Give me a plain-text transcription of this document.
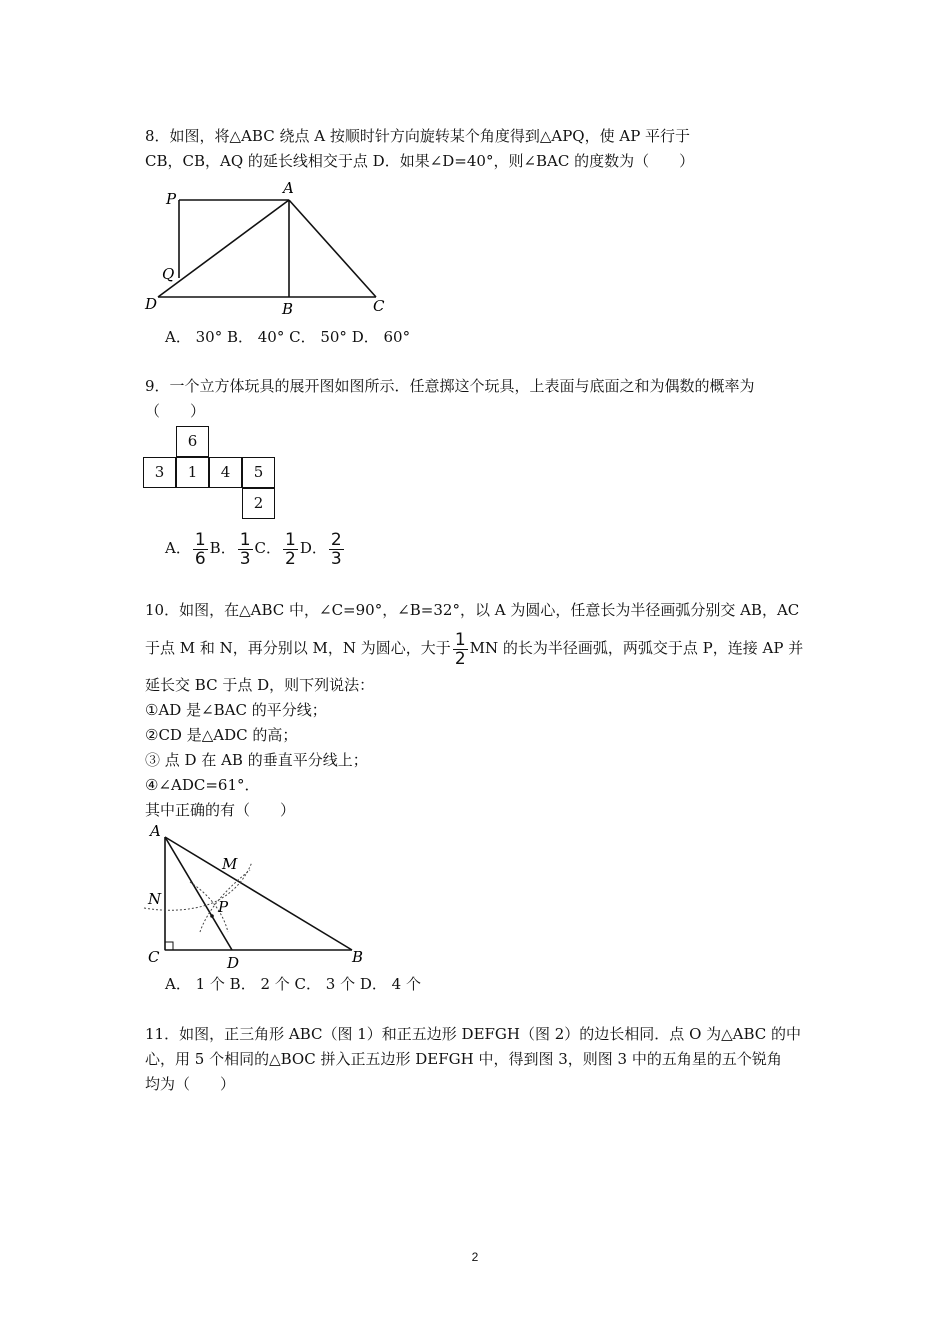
8．如图，将△ABC 绕点 A 按顺时针方向旋转某个角度得到△APQ，使 AP 平行于
CB，CB，AQ 的延长线相交于点 D．如果∠D=40°，则∠BAC 的度数为（　　）
P
A
Q
D	B	C
A． 30° B． 40° C． 50° D． 60°
9．一个立方体玩具的展开图如图所示．任意掷这个玩具，上表面与底面之和为偶数的概率为
（　　）
6
3	1	4	5
2
A． $\frac{1}{6}$ B． $\frac{1}{3}$ C． $\frac{1}{2}$ D． $\frac{2}{3}$
10．如图，在△ABC 中，∠C=90°，∠B=32°，以 A 为圆心，任意长为半径画弧分别交 AB，AC
于点 M 和 N，再分别以 M，N 为圆心，大于 $\frac{1}{2}$ MN 的长为半径画弧，两弧交于点 P，连接 AP 并
延长交 BC 于点 D，则下列说法：
①AD 是∠BAC 的平分线；
②CD 是△ADC 的高；
③ 点 D 在 AB 的垂直平分线上；
④∠ADC=61°．
其中正确的有（　　）
A
M
N	P
C	D	B
A． 1 个 B． 2 个 C． 3 个 D． 4 个
11．如图，正三角形 ABC（图 1）和正五边形 DEFGH（图 2）的边长相同．点 O 为△ABC 的中
心，用 5 个相同的△BOC 拼入正五边形 DEFGH 中，得到图 3，则图 3 中的五角星的五个锐角
均为（　　）
2
